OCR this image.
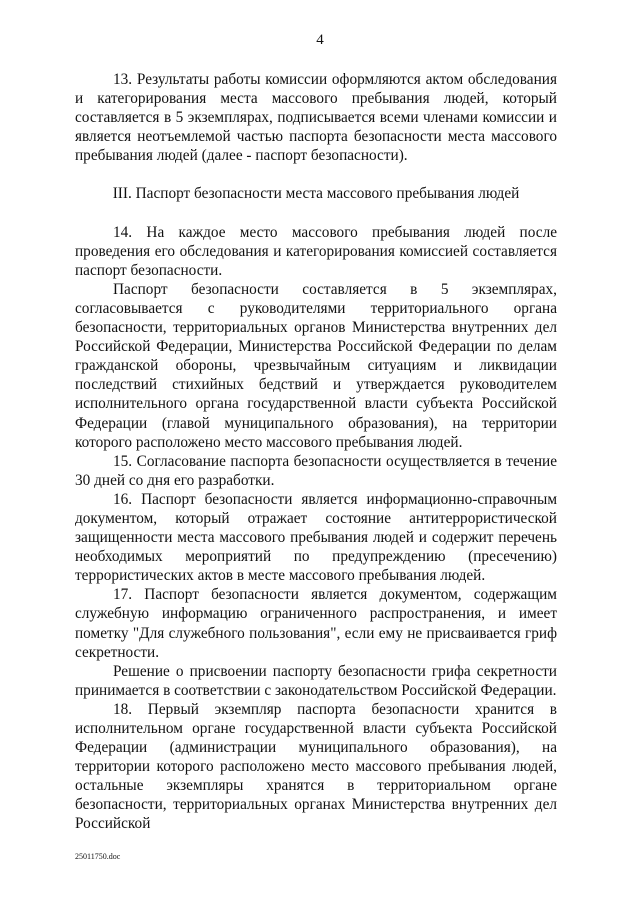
4

13. Результаты работы комиссии оформляются актом обследования и категорирования места массового пребывания людей, который составляется в 5 экземплярах, подписывается всеми членами комиссии и является неотъемлемой частью паспорта безопасности места массового пребывания людей (далее - паспорт безопасности).

III. Паспорт безопасности места массового пребывания людей

14. На каждое место массового пребывания людей после проведения его обследования и категорирования комиссией составляется паспорт безопасности.

Паспорт безопасности составляется в 5 экземплярах, согласовывается с руководителями территориального органа безопасности, территориальных органов Министерства внутренних дел Российской Федерации, Министерства Российской Федерации по делам гражданской обороны, чрезвычайным ситуациям и ликвидации последствий стихийных бедствий и утверждается руководителем исполнительного органа государственной власти субъекта Российской Федерации (главой муниципального образования), на территории которого расположено место массового пребывания людей.

15. Согласование паспорта безопасности осуществляется в течение 30 дней со дня его разработки.

16. Паспорт безопасности является информационно-справочным документом, который отражает состояние антитеррористической защищенности места массового пребывания людей и содержит перечень необходимых мероприятий по предупреждению (пресечению) террористических актов в месте массового пребывания людей.

17. Паспорт безопасности является документом, содержащим служебную информацию ограниченного распространения, и имеет пометку "Для служебного пользования", если ему не присваивается гриф секретности.

Решение о присвоении паспорту безопасности грифа секретности принимается в соответствии с законодательством Российской Федерации.

18. Первый экземпляр паспорта безопасности хранится в исполнительном органе государственной власти субъекта Российской Федерации (администрации муниципального образования), на территории которого расположено место массового пребывания людей, остальные экземпляры хранятся в территориальном органе безопасности, территориальных органах Министерства внутренних дел Российской

25011750.doc
